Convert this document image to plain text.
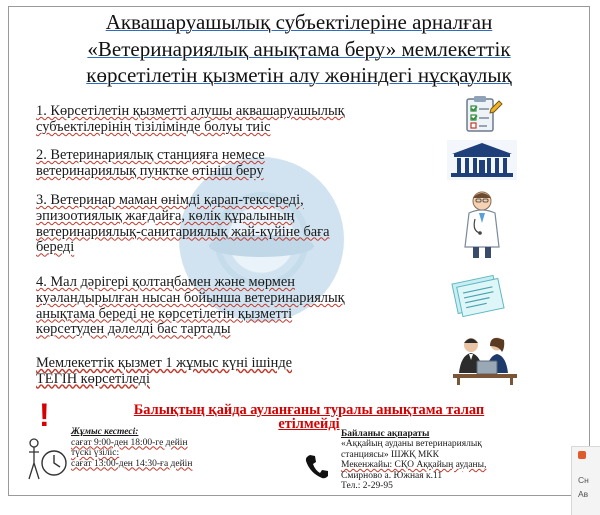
Аквашаруашылық субъектілеріне арналған
«Ветеринариялық анықтама беру» мемлекеттік
көрсетілетін қызметін алу жөніндегі нұсқаулық
1. Көрсетілетін қызметті алушы аквашаруашылық
субъектілерінің тізілімінде болуы тиіс
2. Ветеринариялық станцияға немесе
ветеринариялық пунктке өтініш беру
3. Ветеринар маман өнімді қарап-тексереді,
эпизоотиялық жағдайға, көлік құралының
ветеринариялық-санитариялық жай-күйіне баға
береді
4. Мал дәрігері қолтаңбамен және мөрмен
куәландырылған нысан бойынша ветеринариялық
анықтама береді не көрсетілетін қызметті
көрсетуден дәлелді бас тартады
Мемлекеттік қызмет 1 жұмыс күні ішінде
ТЕГІН көрсетіледі
!	Балықтың қайда ауланғаны туралы анықтама талап
етілмейді
Жұмыс кестесі:
сағат 9:00-ден 18:00-ге дейін
түскі үзіліс:
сағат 13:00-ден 14:30-ға дейін
Байланыс ақпараты
«Аққайың ауданы ветеринариялық
станциясы» ШЖҚ МКК
Мекенжайы: СҚО Аққайың ауданы,
Смирново а. Южная к.11
Тел.: 2-29-95
Сн
Ав
